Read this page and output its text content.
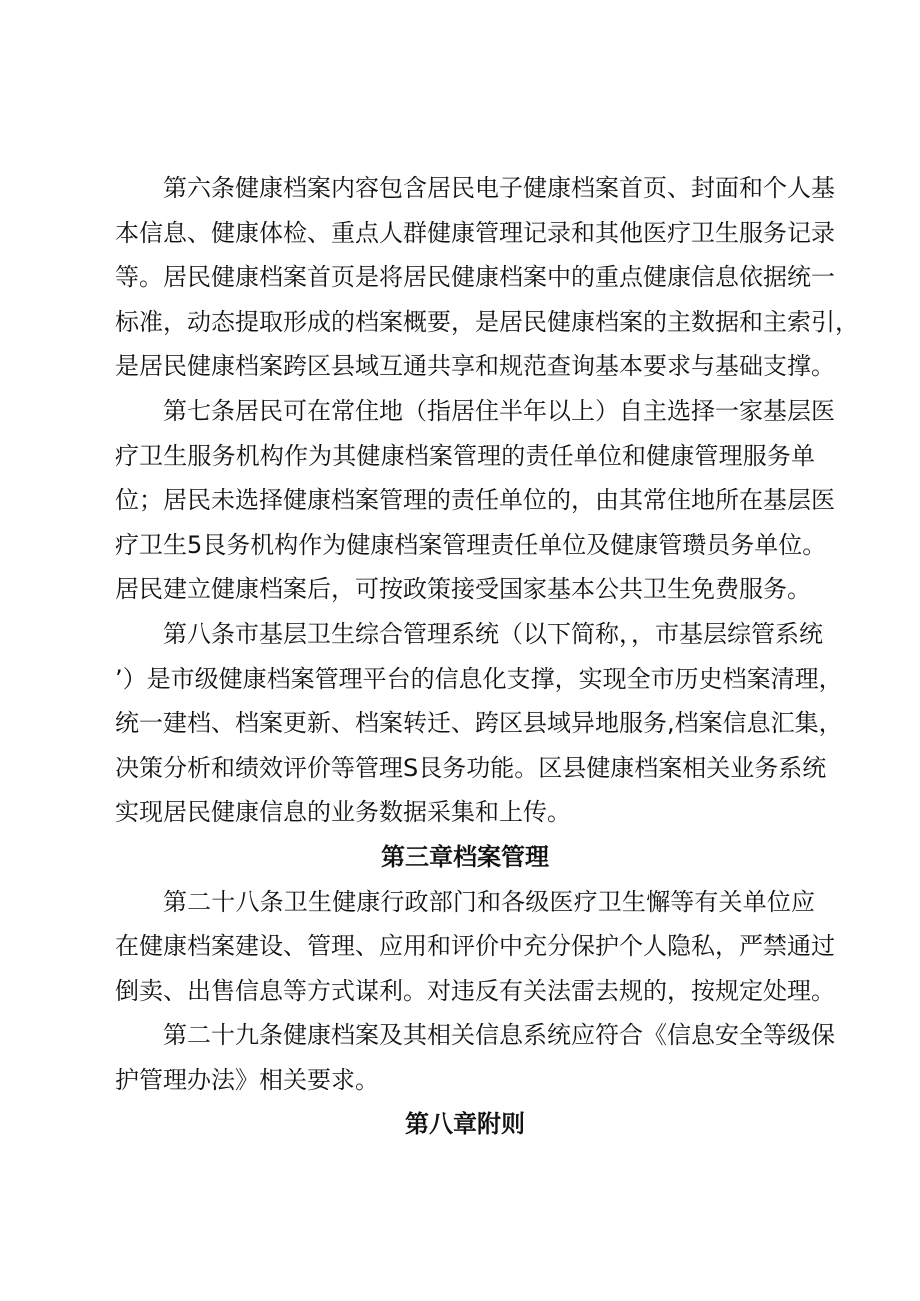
第六条健康档案内容包含居民电子健康档案首页、封面和个人基
本信息、健康体检、重点人群健康管理记录和其他医疗卫生服务记录
等。居民健康档案首页是将居民健康档案中的重点健康信息依据统一
标准，动态提取形成的档案概要，是居民健康档案的主数据和主索引，
是居民健康档案跨区县域互通共享和规范查询基本要求与基础支撑。

第七条居民可在常住地（指居住半年以上）自主选择一家基层医
疗卫生服务机构作为其健康档案管理的责任单位和健康管理服务单
位；居民未选择健康档案管理的责任单位的，由其常住地所在基层医
疗卫生5艮务机构作为健康档案管理责任单位及健康管瓒员务单位。
居民建立健康档案后，可按政策接受国家基本公共卫生免费服务。

第八条市基层卫生综合管理系统（以下简称，，市基层综管系统
’）是市级健康档案管理平台的信息化支撑，实现全市历史档案清理，
统一建档、档案更新、档案转迁、跨区县域异地服务,档案信息汇集，
决策分析和绩效评价等管理S艮务功能。区县健康档案相关业务系统
实现居民健康信息的业务数据采集和上传。

第三章档案管理

第二十八条卫生健康行政部门和各级医疗卫生懈等有关单位应
在健康档案建设、管理、应用和评价中充分保护个人隐私，严禁通过
倒卖、出售信息等方式谋利。对违反有关法雷去规的，按规定处理。

第二十九条健康档案及其相关信息系统应符合《信息安全等级保
护管理办法》相关要求。

第八章附则
